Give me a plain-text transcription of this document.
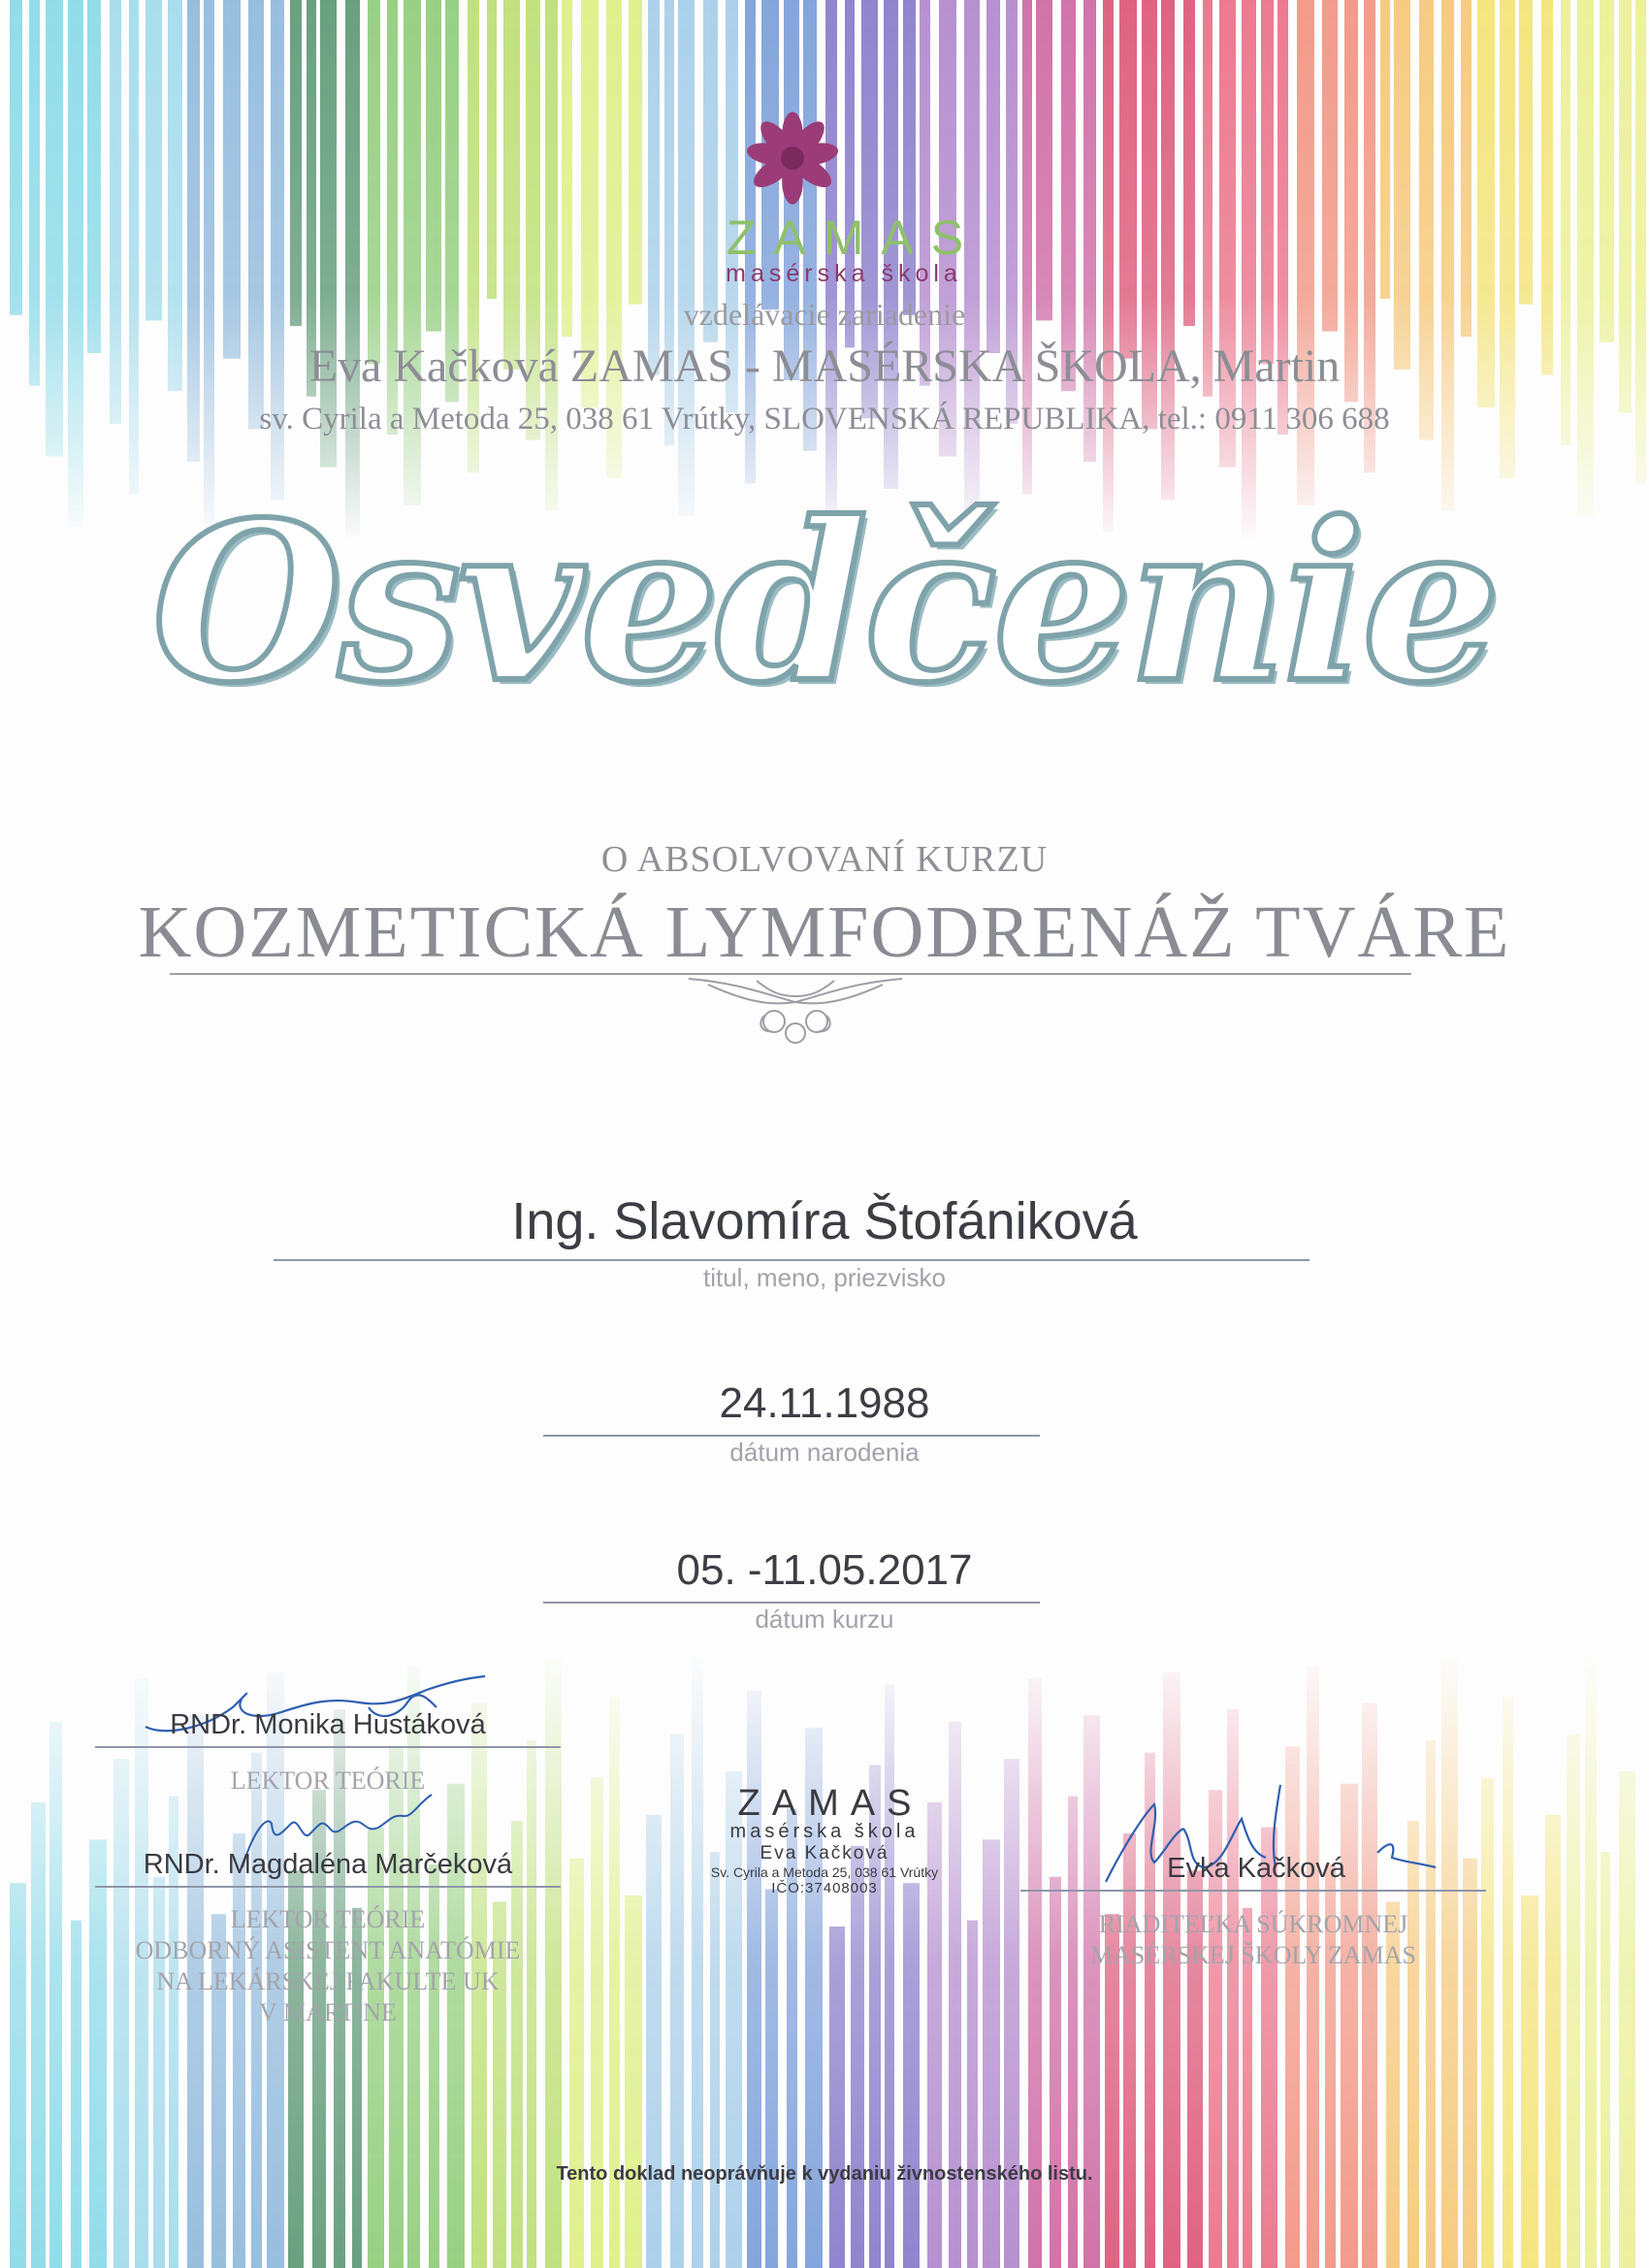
ZAMAS
masérska škola
vzdelávacie zariadenie
Eva Kačková ZAMAS - MASÉRSKA ŠKOLA, Martin
sv. Cyrila a Metoda 25, 038 61 Vrútky, SLOVENSKÁ REPUBLIKA, tel.: 0911 306 688
Osvedčenie
O ABSOLVOVANÍ KURZU
KOZMETICKÁ LYMFODRENÁŽ TVÁRE
Ing. Slavomíra Štofániková
titul, meno, priezvisko
24.11.1988
dátum narodenia
05. -11.05.2017
dátum kurzu
RNDr. Monika Hustáková
LEKTOR TEÓRIE
RNDr. Magdaléna Marčeková
LEKTOR TEÓRIE
ODBORNÝ ASISTENT ANATÓMIE
NA LEKÁRSKEJ FAKULTE UK
V MARTINE
ZAMAS
masérska škola
Eva Kačková
Sv. Cyrila a Metoda 25, 038 61 Vrútky
IČO:37408003
Evka Kačková
RIADITEĽKA SÚKROMNEJ
MASÉRSKEJ ŠKOLY ZAMAS
Tento doklad neoprávňuje k vydaniu živnostenského listu.
